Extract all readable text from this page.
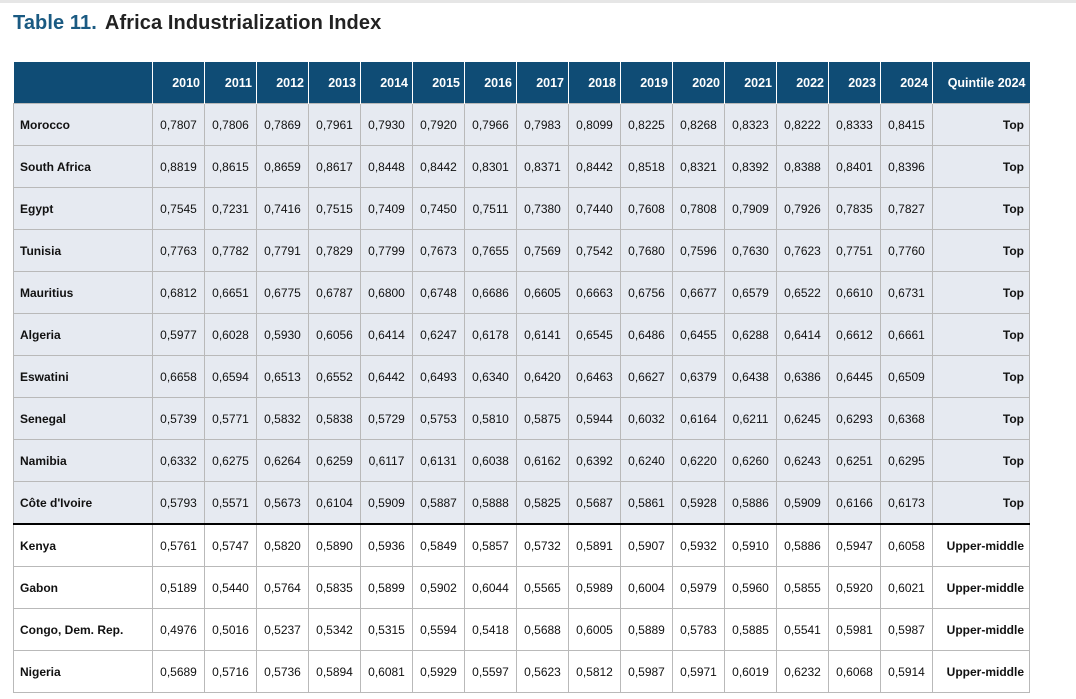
Table 11. Africa Industrialization Index
	2010	2011	2012	2013	2014	2015	2016	2017	2018	2019	2020	2021	2022	2023	2024	Quintile 2024
Morocco	0,7807	0,7806	0,7869	0,7961	0,7930	0,7920	0,7966	0,7983	0,8099	0,8225	0,8268	0,8323	0,8222	0,8333	0,8415	Top
South Africa	0,8819	0,8615	0,8659	0,8617	0,8448	0,8442	0,8301	0,8371	0,8442	0,8518	0,8321	0,8392	0,8388	0,8401	0,8396	Top
Egypt	0,7545	0,7231	0,7416	0,7515	0,7409	0,7450	0,7511	0,7380	0,7440	0,7608	0,7808	0,7909	0,7926	0,7835	0,7827	Top
Tunisia	0,7763	0,7782	0,7791	0,7829	0,7799	0,7673	0,7655	0,7569	0,7542	0,7680	0,7596	0,7630	0,7623	0,7751	0,7760	Top
Mauritius	0,6812	0,6651	0,6775	0,6787	0,6800	0,6748	0,6686	0,6605	0,6663	0,6756	0,6677	0,6579	0,6522	0,6610	0,6731	Top
Algeria	0,5977	0,6028	0,5930	0,6056	0,6414	0,6247	0,6178	0,6141	0,6545	0,6486	0,6455	0,6288	0,6414	0,6612	0,6661	Top
Eswatini	0,6658	0,6594	0,6513	0,6552	0,6442	0,6493	0,6340	0,6420	0,6463	0,6627	0,6379	0,6438	0,6386	0,6445	0,6509	Top
Senegal	0,5739	0,5771	0,5832	0,5838	0,5729	0,5753	0,5810	0,5875	0,5944	0,6032	0,6164	0,6211	0,6245	0,6293	0,6368	Top
Namibia	0,6332	0,6275	0,6264	0,6259	0,6117	0,6131	0,6038	0,6162	0,6392	0,6240	0,6220	0,6260	0,6243	0,6251	0,6295	Top
Côte d'Ivoire	0,5793	0,5571	0,5673	0,6104	0,5909	0,5887	0,5888	0,5825	0,5687	0,5861	0,5928	0,5886	0,5909	0,6166	0,6173	Top
Kenya	0,5761	0,5747	0,5820	0,5890	0,5936	0,5849	0,5857	0,5732	0,5891	0,5907	0,5932	0,5910	0,5886	0,5947	0,6058	Upper-middle
Gabon	0,5189	0,5440	0,5764	0,5835	0,5899	0,5902	0,6044	0,5565	0,5989	0,6004	0,5979	0,5960	0,5855	0,5920	0,6021	Upper-middle
Congo, Dem. Rep.	0,4976	0,5016	0,5237	0,5342	0,5315	0,5594	0,5418	0,5688	0,6005	0,5889	0,5783	0,5885	0,5541	0,5981	0,5987	Upper-middle
Nigeria	0,5689	0,5716	0,5736	0,5894	0,6081	0,5929	0,5597	0,5623	0,5812	0,5987	0,5971	0,6019	0,6232	0,6068	0,5914	Upper-middle
